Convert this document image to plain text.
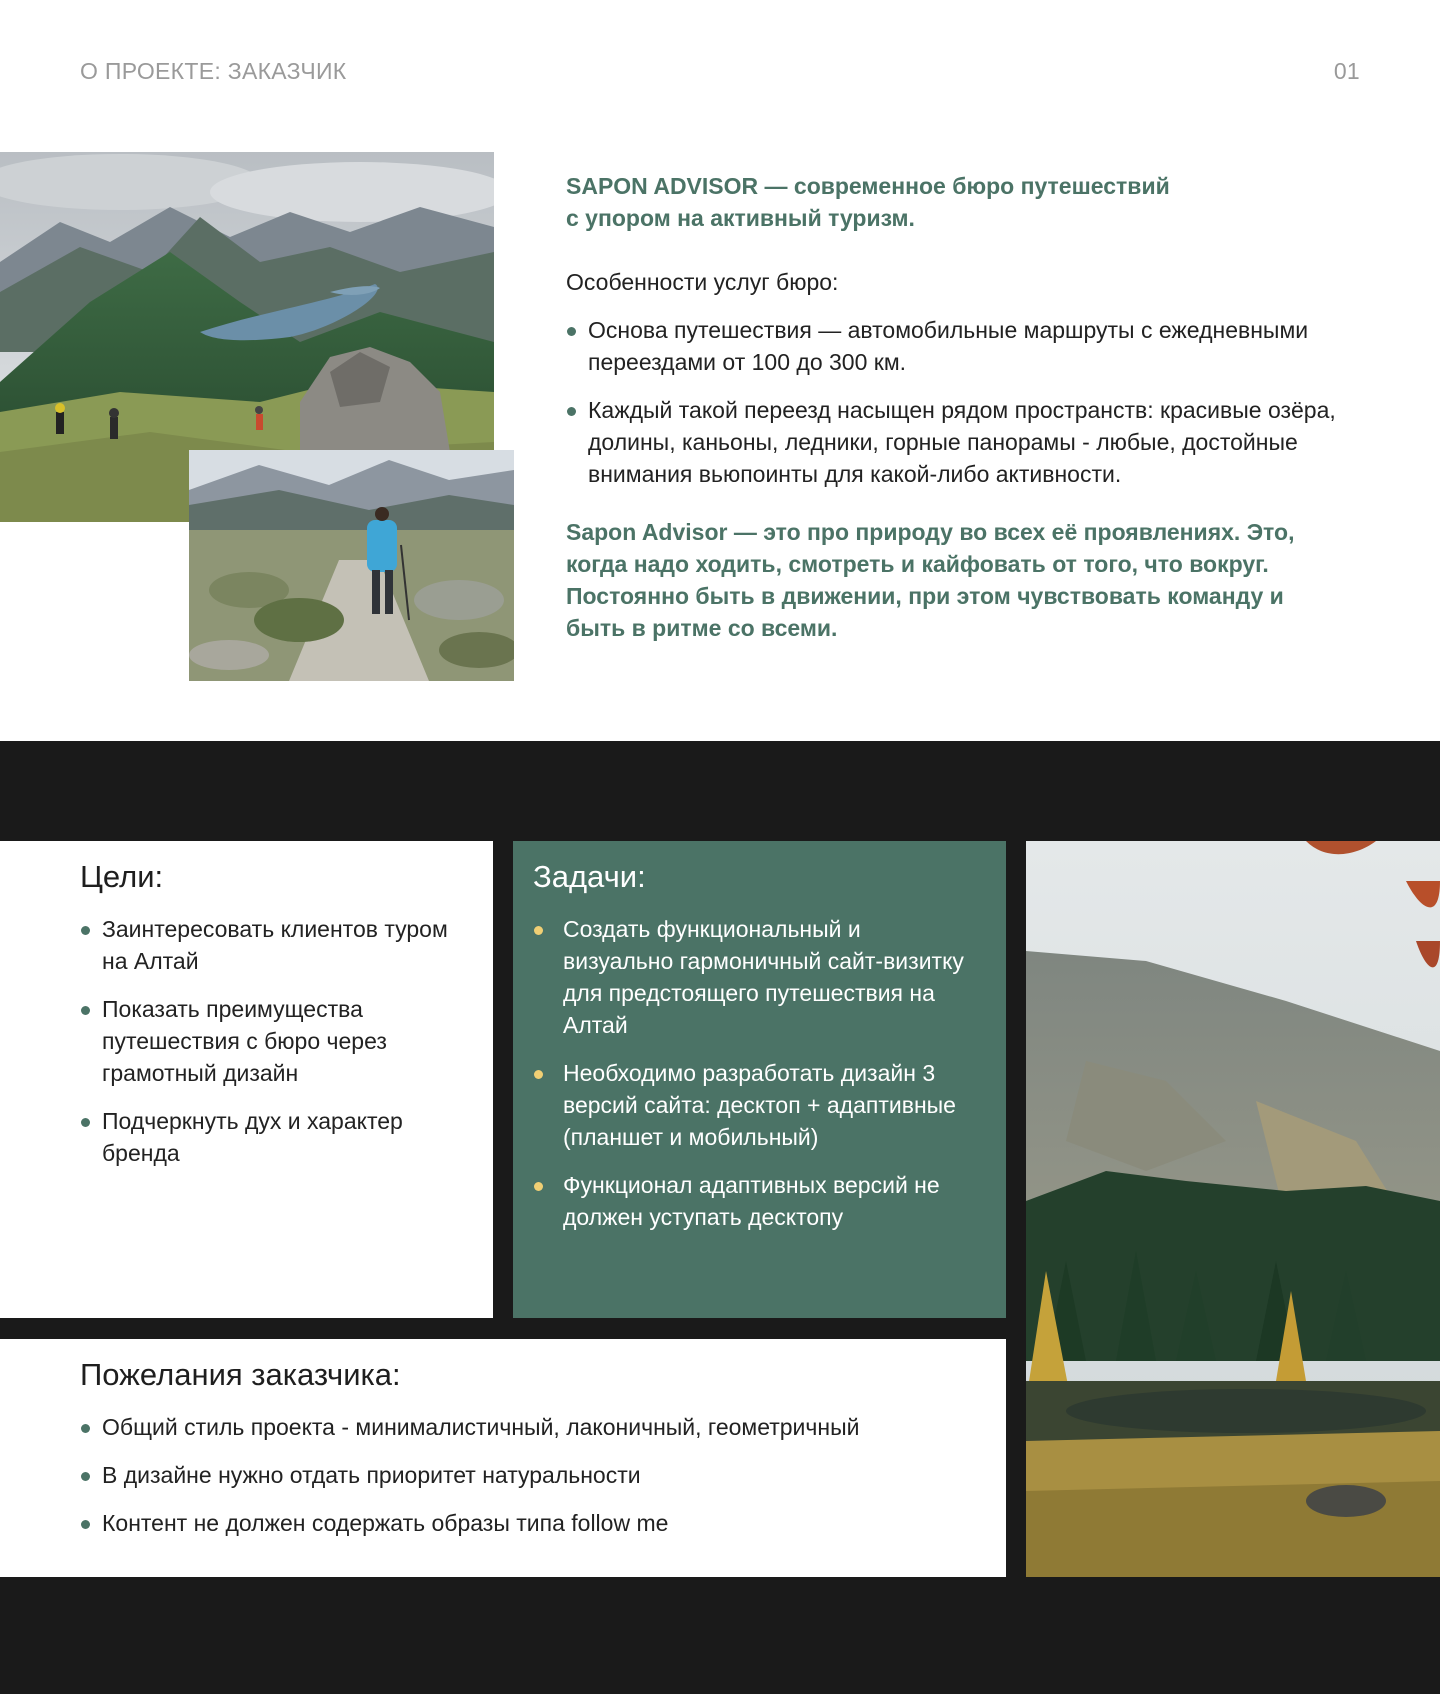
О ПРОЕКТЕ: ЗАКАЗЧИК	01
SAPON ADVISOR — современное бюро путешествий
с упором на активный туризм.
Особенности услуг бюро:
Основа путешествия — автомобильные маршруты с ежедневными переездами от 100 до 300 км.
Каждый такой переезд насыщен рядом пространств: красивые озёра, долины, каньоны, ледники, горные панорамы - любые, достойные внимания вьюпоинты для какой-либо активности.
Sapon Advisor — это про природу во всех её проявлениях. Это, когда надо ходить, смотреть и кайфовать от того, что вокруг. Постоянно быть в движении, при этом чувствовать команду и быть в ритме со всеми.
Цели:
Заинтересовать клиентов туром на Алтай
Показать преимущества путешествия с бюро через грамотный дизайн
Подчеркнуть дух и характер бренда
Задачи:
Создать функциональный и визуально гармоничный сайт-визитку для предстоящего путешествия на Алтай
Необходимо разработать дизайн 3 версий сайта: десктоп + адаптивные (планшет и мобильный)
Функционал адаптивных версий не должен уступать десктопу
Пожелания заказчика:
Общий стиль проекта - минималистичный, лаконичный, геометричный
В дизайне нужно отдать приоритет натуральности
Контент не должен содержать образы типа follow me
